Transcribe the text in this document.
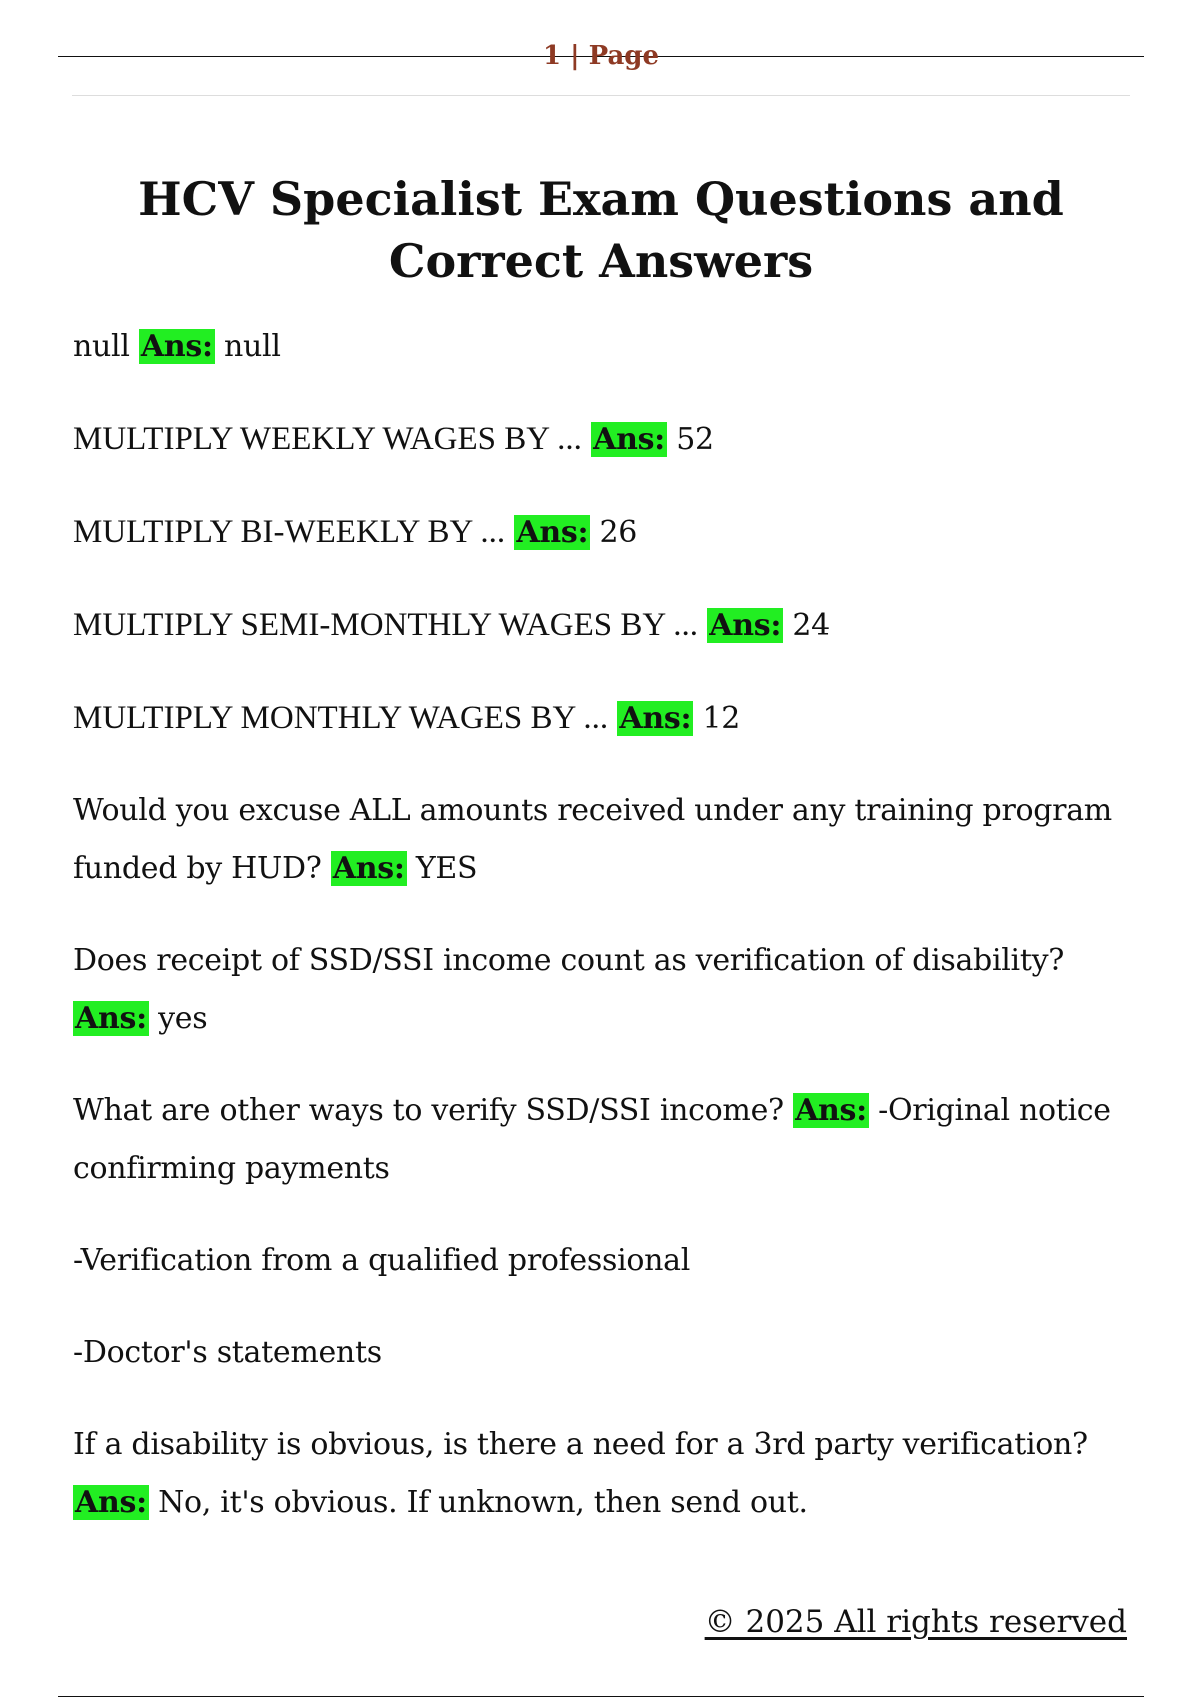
1 | Page
HCV Specialist Exam Questions and Correct Answers

null Ans: null

MULTIPLY WEEKLY WAGES BY ... Ans: 52

MULTIPLY BI-WEEKLY BY ... Ans: 26

MULTIPLY SEMI-MONTHLY WAGES BY ... Ans: 24

MULTIPLY MONTHLY WAGES BY ... Ans: 12

Would you excuse ALL amounts received under any training program funded by HUD? Ans: YES

Does receipt of SSD/SSI income count as verification of disability? Ans: yes

What are other ways to verify SSD/SSI income? Ans: -Original notice confirming payments

-Verification from a qualified professional

-Doctor's statements

If a disability is obvious, is there a need for a 3rd party verification? Ans: No, it's obvious. If unknown, then send out.

© 2025 All rights reserved
